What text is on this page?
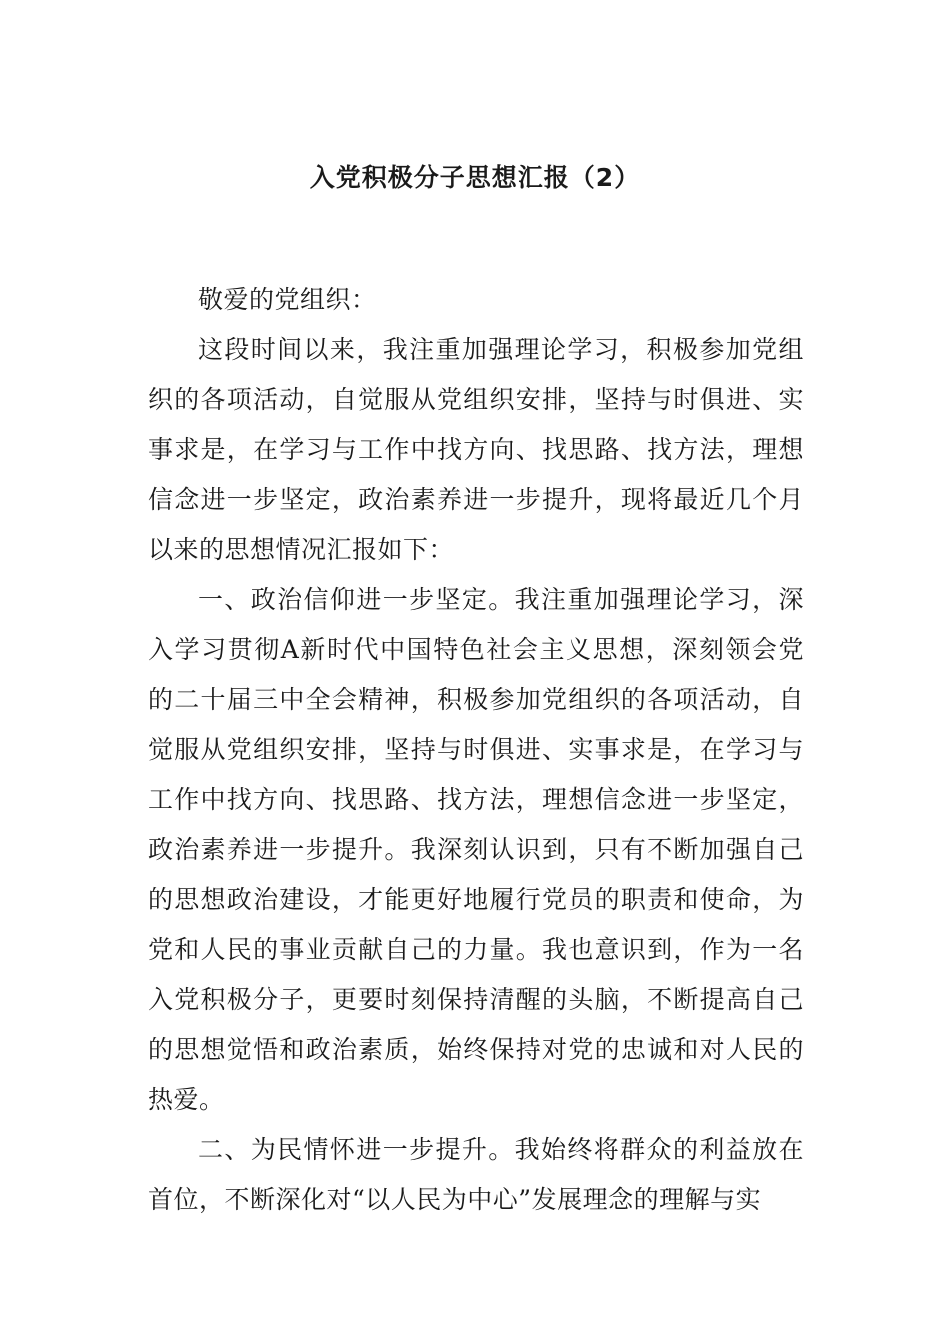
入党积极分子思想汇报（2）

敬爱的党组织：

这段时间以来，我注重加强理论学习，积极参加党组织的各项活动，自觉服从党组织安排，坚持与时俱进、实事求是，在学习与工作中找方向、找思路、找方法，理想信念进一步坚定，政治素养进一步提升，现将最近几个月以来的思想情况汇报如下：

一、政治信仰进一步坚定。我注重加强理论学习，深入学习贯彻A新时代中国特色社会主义思想，深刻领会党的二十届三中全会精神，积极参加党组织的各项活动，自觉服从党组织安排，坚持与时俱进、实事求是，在学习与工作中找方向、找思路、找方法，理想信念进一步坚定，政治素养进一步提升。我深刻认识到，只有不断加强自己的思想政治建设，才能更好地履行党员的职责和使命，为党和人民的事业贡献自己的力量。我也意识到，作为一名入党积极分子，更要时刻保持清醒的头脑，不断提高自己的思想觉悟和政治素质，始终保持对党的忠诚和对人民的热爱。

二、为民情怀进一步提升。我始终将群众的利益放在首位，不断深化对“以人民为中心”发展理念的理解与实
